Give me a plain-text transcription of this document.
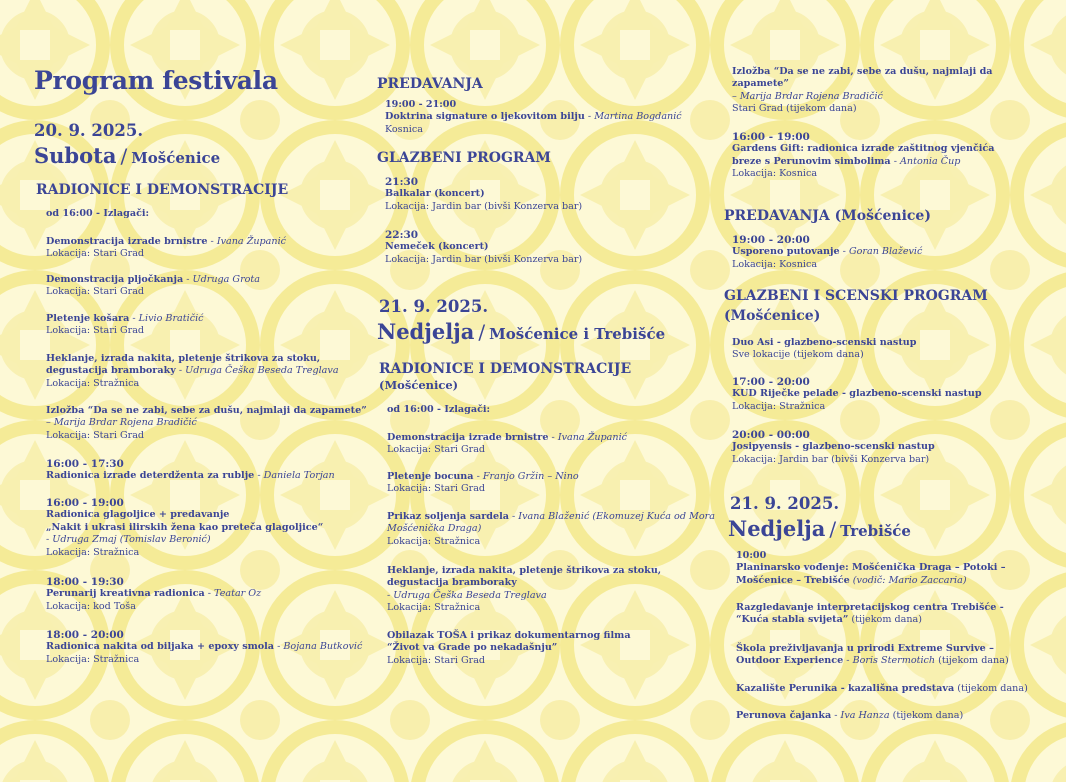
Program festivala
20. 9. 2025.
Subota / Mošćenice
RADIONICE I DEMONSTRACIJE
od 16:00 - Izlagači:
Demonstracija izrade brnistre - Ivana Županić
Lokacija: Stari Grad
Demonstracija pljočkanja - Udruga Grota
Lokacija: Stari Grad
Pletenje košara - Livio Bratičić
Lokacija: Stari Grad
Heklanje, izrada nakita, pletenje štrikova za stoku,
degustacija bramboraky - Udruga Češka Beseda Treglava
Lokacija: Stražnica
Izložba “Da se ne zabi, sebe za dušu, najmlaji da zapamete”
– Marija Brdar Rojena Bradičić
Lokacija: Stari Grad
16:00 - 17:30
Radionica izrade deterdženta za rublje - Daniela Torjan
16:00 - 19:00
Radionica glagoljice + predavanje
„Nakit i ukrasi ilirskih žena kao preteča glagoljice“
- Udruga Zmaj (Tomislav Beronić)
Lokacija: Stražnica
18:00 - 19:30
Perunarij kreativna radionica - Teatar Oz
Lokacija: kod Toša
18:00 - 20:00
Radionica nakita od biljaka + epoxy smola - Bojana Butković
Lokacija: Stražnica
PREDAVANJA
19:00 - 21:00
Doktrina signature o ljekovitom bilju - Martina Bogdanić
Kosnica
GLAZBENI PROGRAM
21:30
Balkalar (koncert)
Lokacija: Jardin bar (bivši Konzerva bar)
22:30
Nemeček (koncert)
Lokacija: Jardin bar (bivši Konzerva bar)
21. 9. 2025.
Nedjelja / Mošćenice i Trebišće
RADIONICE I DEMONSTRACIJE
(Mošćenice)
od 16:00 - Izlagači:
Demonstracija izrade brnistre - Ivana Županić
Lokacija: Stari Grad
Pletenje bocuna - Franjo Gržin – Nino
Lokacija: Stari Grad
Prikaz soljenja sardela - Ivana Blaženić (Ekomuzej Kuća od Mora
Mošćenička Draga)
Lokacija: Stražnica
Heklanje, izrada nakita, pletenje štrikova za stoku,
degustacija bramboraky
- Udruga Češka Beseda Treglava
Lokacija: Stražnica
Obilazak TOŠA i prikaz dokumentarnog filma
“Život va Grade po nekadašnju”
Lokacija: Stari Grad
Izložba “Da se ne zabi, sebe za dušu, najmlaji da
zapamete”
– Marija Brdar Rojena Bradičić
Stari Grad (tijekom dana)
16:00 - 19:00
Gardens Gift: radionica izrade zaštitnog vjenčića
breze s Perunovim simbolima - Antonia Čup
Lokacija: Kosnica
PREDAVANJA (Mošćenice)
19:00 - 20:00
Usporeno putovanje - Goran Blažević
Lokacija: Kosnica
GLAZBENI I SCENSKI PROGRAM
(Mošćenice)
Duo Asi - glazbeno-scenski nastup
Sve lokacije (tijekom dana)
17:00 - 20:00
KUD Riječke pelade - glazbeno-scenski nastup
Lokacija: Stražnica
20:00 - 00:00
Josipyensis - glazbeno-scenski nastup
Lokacija: Jardin bar (bivši Konzerva bar)
21. 9. 2025.
Nedjelja / Trebišće
10:00
Planinarsko vođenje: Mošćenička Draga – Potoki –
Mošćenice – Trebišće (vodič: Mario Zaccaria)
Razgledavanje interpretacijskog centra Trebišće -
“Kuća stabla svijeta” (tijekom dana)
Škola preživljavanja u prirodi Extreme Survive –
Outdoor Experience - Boris Stermotich (tijekom dana)
Kazalište Perunika - kazališna predstava (tijekom dana)
Perunova čajanka - Iva Hanza (tijekom dana)
